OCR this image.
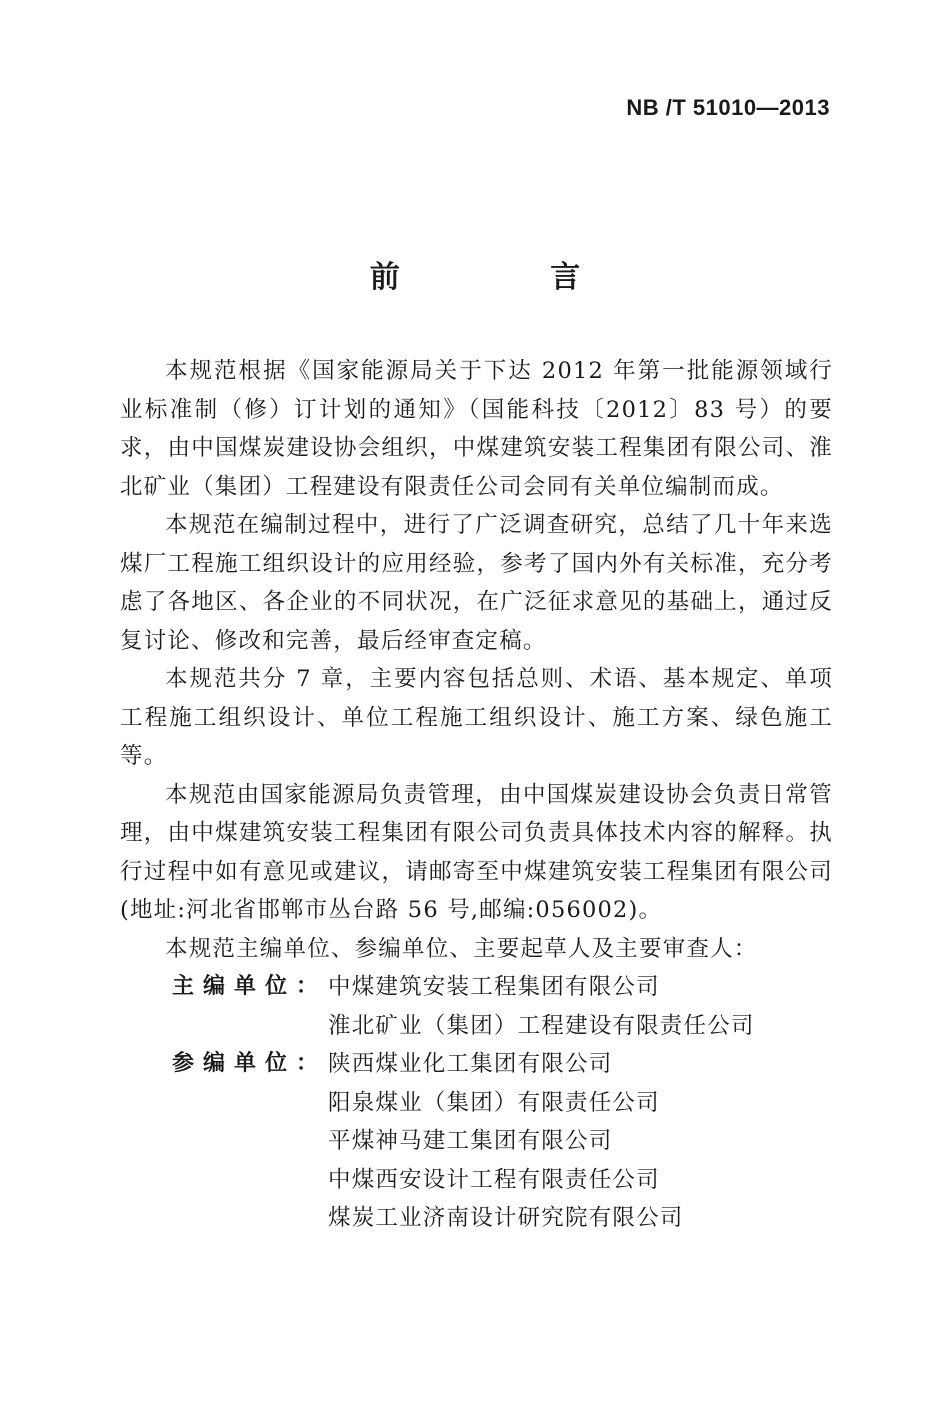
NB /T 51010—2013
前 言

本规范根据《国家能源局关于下达 2012 年第一批能源领域行业标准制（修）订计划的通知》（国能科技〔2012〕83 号）的要求，由中国煤炭建设协会组织，中煤建筑安装工程集团有限公司、淮北矿业（集团）工程建设有限责任公司会同有关单位编制而成。

本规范在编制过程中，进行了广泛调查研究，总结了几十年来选煤厂工程施工组织设计的应用经验，参考了国内外有关标准，充分考虑了各地区、各企业的不同状况，在广泛征求意见的基础上，通过反复讨论、修改和完善，最后经审查定稿。

本规范共分 7 章，主要内容包括总则、术语、基本规定、单项工程施工组织设计、单位工程施工组织设计、施工方案、绿色施工等。

本规范由国家能源局负责管理，由中国煤炭建设协会负责日常管理，由中煤建筑安装工程集团有限公司负责具体技术内容的解释。执行过程中如有意见或建议，请邮寄至中煤建筑安装工程集团有限公司(地址:河北省邯郸市丛台路 56 号,邮编:056002)。

本规范主编单位、参编单位、主要起草人及主要审查人：

主编单位： 中煤建筑安装工程集团有限公司
淮北矿业（集团）工程建设有限责任公司
参编单位： 陕西煤业化工集团有限公司
阳泉煤业（集团）有限责任公司
平煤神马建工集团有限公司
中煤西安设计工程有限责任公司
煤炭工业济南设计研究院有限公司
